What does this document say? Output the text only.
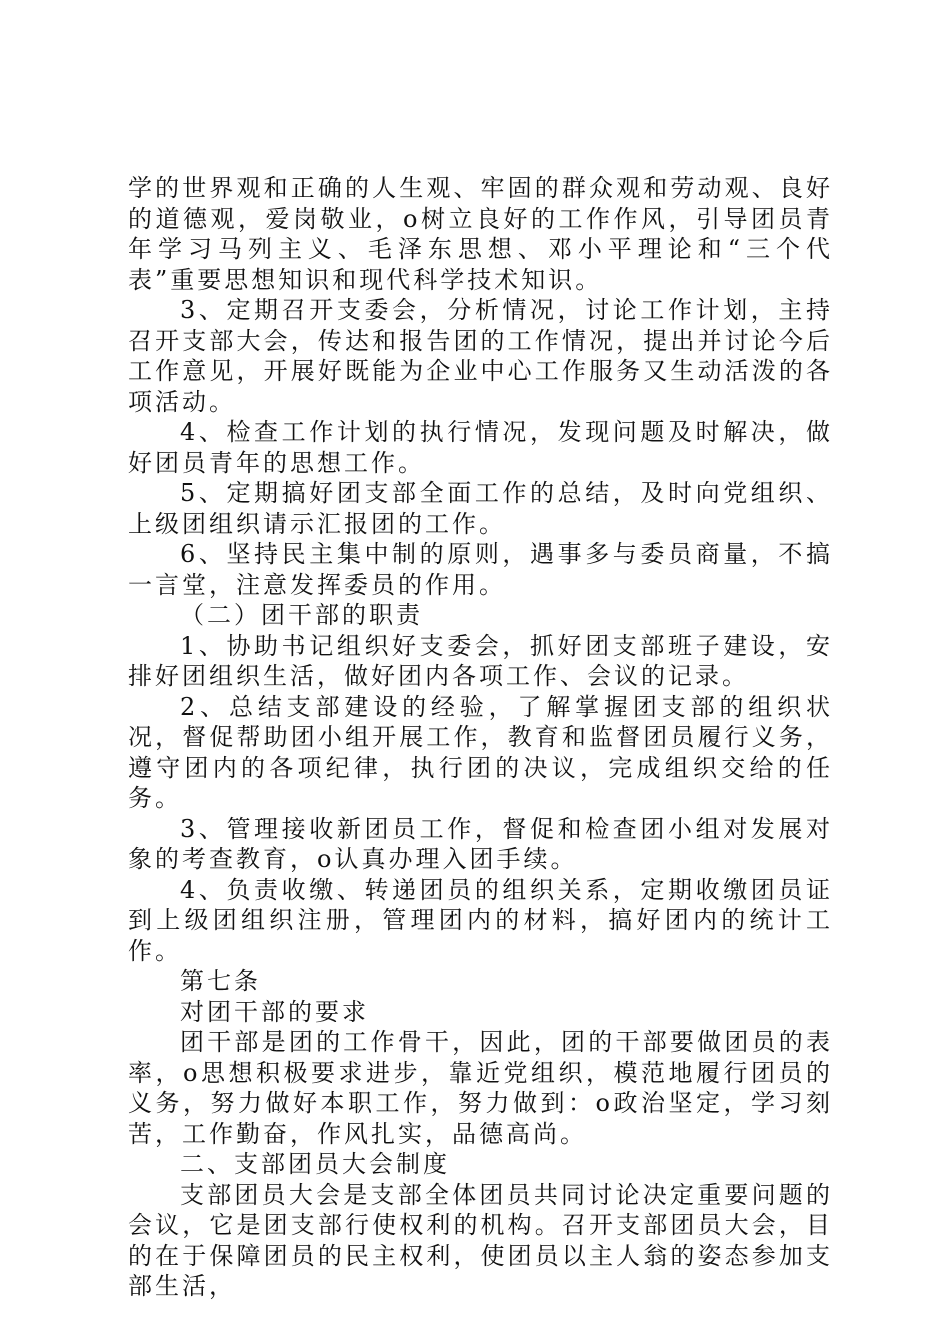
学的世界观和正确的人生观、牢固的群众观和劳动观、良好的道德观，爱岗敬业，o树立良好的工作作风，引导团员青年学习马列主义、毛泽东思想、邓小平理论和“三个代表”重要思想知识和现代科学技术知识。

3、定期召开支委会，分析情况，讨论工作计划，主持召开支部大会，传达和报告团的工作情况，提出并讨论今后工作意见，开展好既能为企业中心工作服务又生动活泼的各项活动。

4、检查工作计划的执行情况，发现问题及时解决，做好团员青年的思想工作。

5、定期搞好团支部全面工作的总结，及时向党组织、上级团组织请示汇报团的工作。

6、坚持民主集中制的原则，遇事多与委员商量，不搞一言堂，注意发挥委员的作用。

（二）团干部的职责

1、协助书记组织好支委会，抓好团支部班子建设，安排好团组织生活，做好团内各项工作、会议的记录。

2、总结支部建设的经验，了解掌握团支部的组织状况，督促帮助团小组开展工作，教育和监督团员履行义务，遵守团内的各项纪律，执行团的决议，完成组织交给的任务。

3、管理接收新团员工作，督促和检查团小组对发展对象的考查教育，o认真办理入团手续。

4、负责收缴、转递团员的组织关系，定期收缴团员证到上级团组织注册，管理团内的材料，搞好团内的统计工作。

第七条

对团干部的要求

团干部是团的工作骨干，因此，团的干部要做团员的表率，o思想积极要求进步，靠近党组织，模范地履行团员的义务，努力做好本职工作，努力做到：o政治坚定，学习刻苦，工作勤奋，作风扎实，品德高尚。

二、支部团员大会制度

支部团员大会是支部全体团员共同讨论决定重要问题的会议，它是团支部行使权利的机构。召开支部团员大会，目的在于保障团员的民主权利，使团员以主人翁的姿态参加支部生活，
